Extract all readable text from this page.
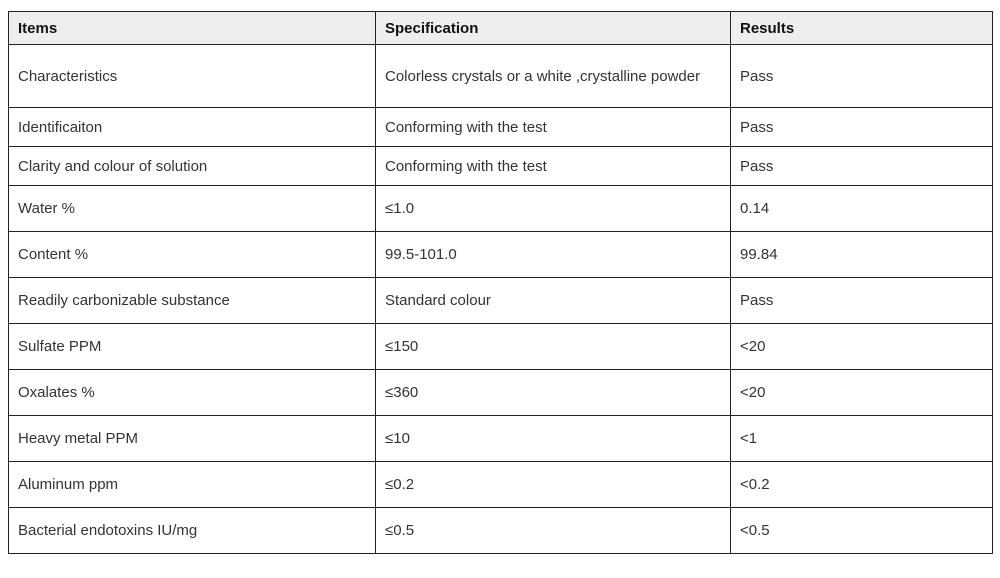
Items	Specification	Results
Characteristics	Colorless crystals or a white ,crystalline powder	Pass
Identificaiton	Conforming with the test	Pass
Clarity and colour of solution	Conforming with the test	Pass
Water %	≤1.0	0.14
Content %	99.5-101.0	99.84
Readily carbonizable substance	Standard colour	Pass
Sulfate PPM	≤150	<20
Oxalates %	≤360	<20
Heavy metal PPM	≤10	<1
Aluminum ppm	≤0.2	<0.2
Bacterial endotoxins IU/mg	≤0.5	<0.5
